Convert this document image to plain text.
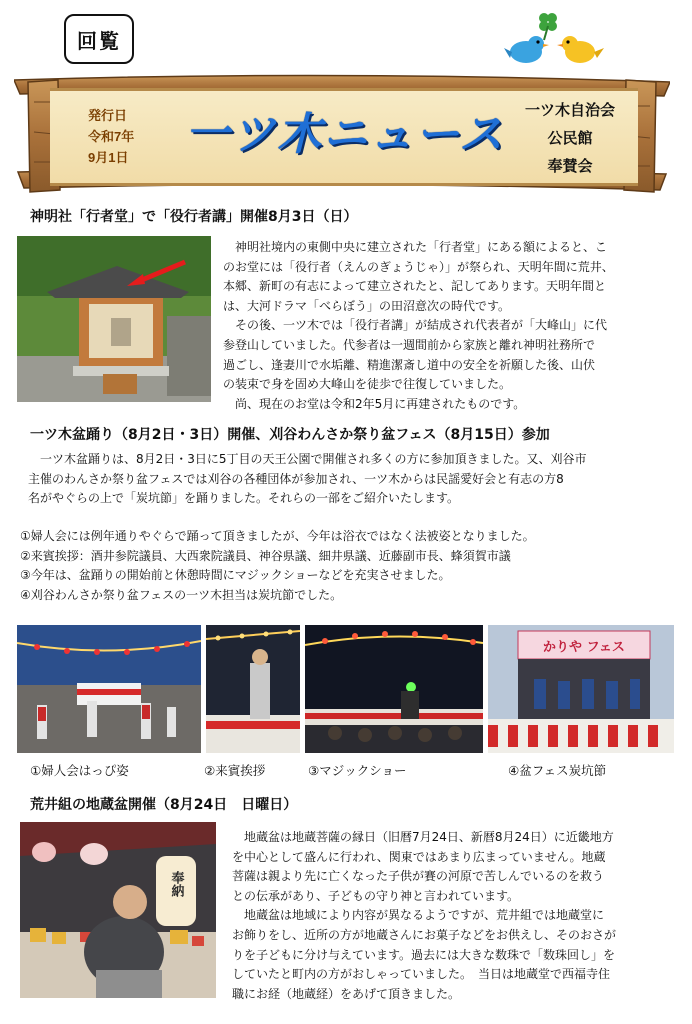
回覧
発行日
令和7年
9月1日 一ツ木ニュース	一ツ木自治会
公民館
奉賛会
神明社「行者堂」で「役行者講」開催8月3日（日）
　神明社境内の東側中央に建立された「行者堂」にある額によると、こ
のお堂には「役行者（えんのぎょうじゃ）」が祭られ、天明年間に荒井、
本郷、新町の有志によって建立されたと、記してあります。天明年間と
は、大河ドラマ「べらぼう」の田沼意次の時代です。
　その後、一ツ木では「役行者講」が結成され代表者が「大峰山」に代
参登山していました。代参者は一週間前から家族と離れ神明社務所で
過ごし、逢妻川で水垢離、精進潔斎し道中の安全を祈願した後、山伏
の装束で身を固め大峰山を徒歩で往復していました。
　尚、現在のお堂は令和2年5月に再建されたものです。
一ツ木盆踊り（8月2日・3日）開催、刈谷わんさか祭り盆フェス（8月15日）参加
　一ツ木盆踊りは、8月2日・3日に5丁目の天王公園で開催され多くの方に参加頂きました。又、刈谷市
主催のわんさか祭り盆フェスでは刈谷の各種団体が参加され、一ツ木からは民謡愛好会と有志の方8
名がやぐらの上で「炭坑節」を踊りました。それらの一部をご紹介いたします。
①婦人会には例年通りやぐらで踊って頂きましたが、今年は浴衣ではなく法被姿となりました。
②来賓挨拶：酒井参院議員、大西衆院議員、神谷県議、細井県議、近藤副市長、蜂須賀市議
③今年は、盆踊りの開始前と休憩時間にマジックショーなどを充実させました。
④刈谷わんさか祭り盆フェスの一ツ木担当は炭坑節でした。
かりや フェス
①婦人会はっぴ姿	②来賓挨拶	③マジックショー	④盆フェス炭坑節
荒井組の地蔵盆開催（8月24日　日曜日）
奉納
　地蔵盆は地蔵菩薩の縁日（旧暦7月24日、新暦8月24日）に近畿地方
を中心として盛んに行われ、関東ではあまり広まっていません。地蔵
菩薩は親より先に亡くなった子供が賽の河原で苦しんでいるのを救う
との伝承があり、子どもの守り神と言われています。
　地蔵盆は地域により内容が異なるようですが、荒井組では地蔵堂に
お飾りをし、近所の方が地蔵さんにお菓子などをお供えし、そのおさが
りを子どもに分け与えています。過去には大きな数珠で「数珠回し」を
していたと町内の方がおしゃっていました。　当日は地蔵堂で西福寺住
職にお経（地蔵経）をあげて頂きました。
